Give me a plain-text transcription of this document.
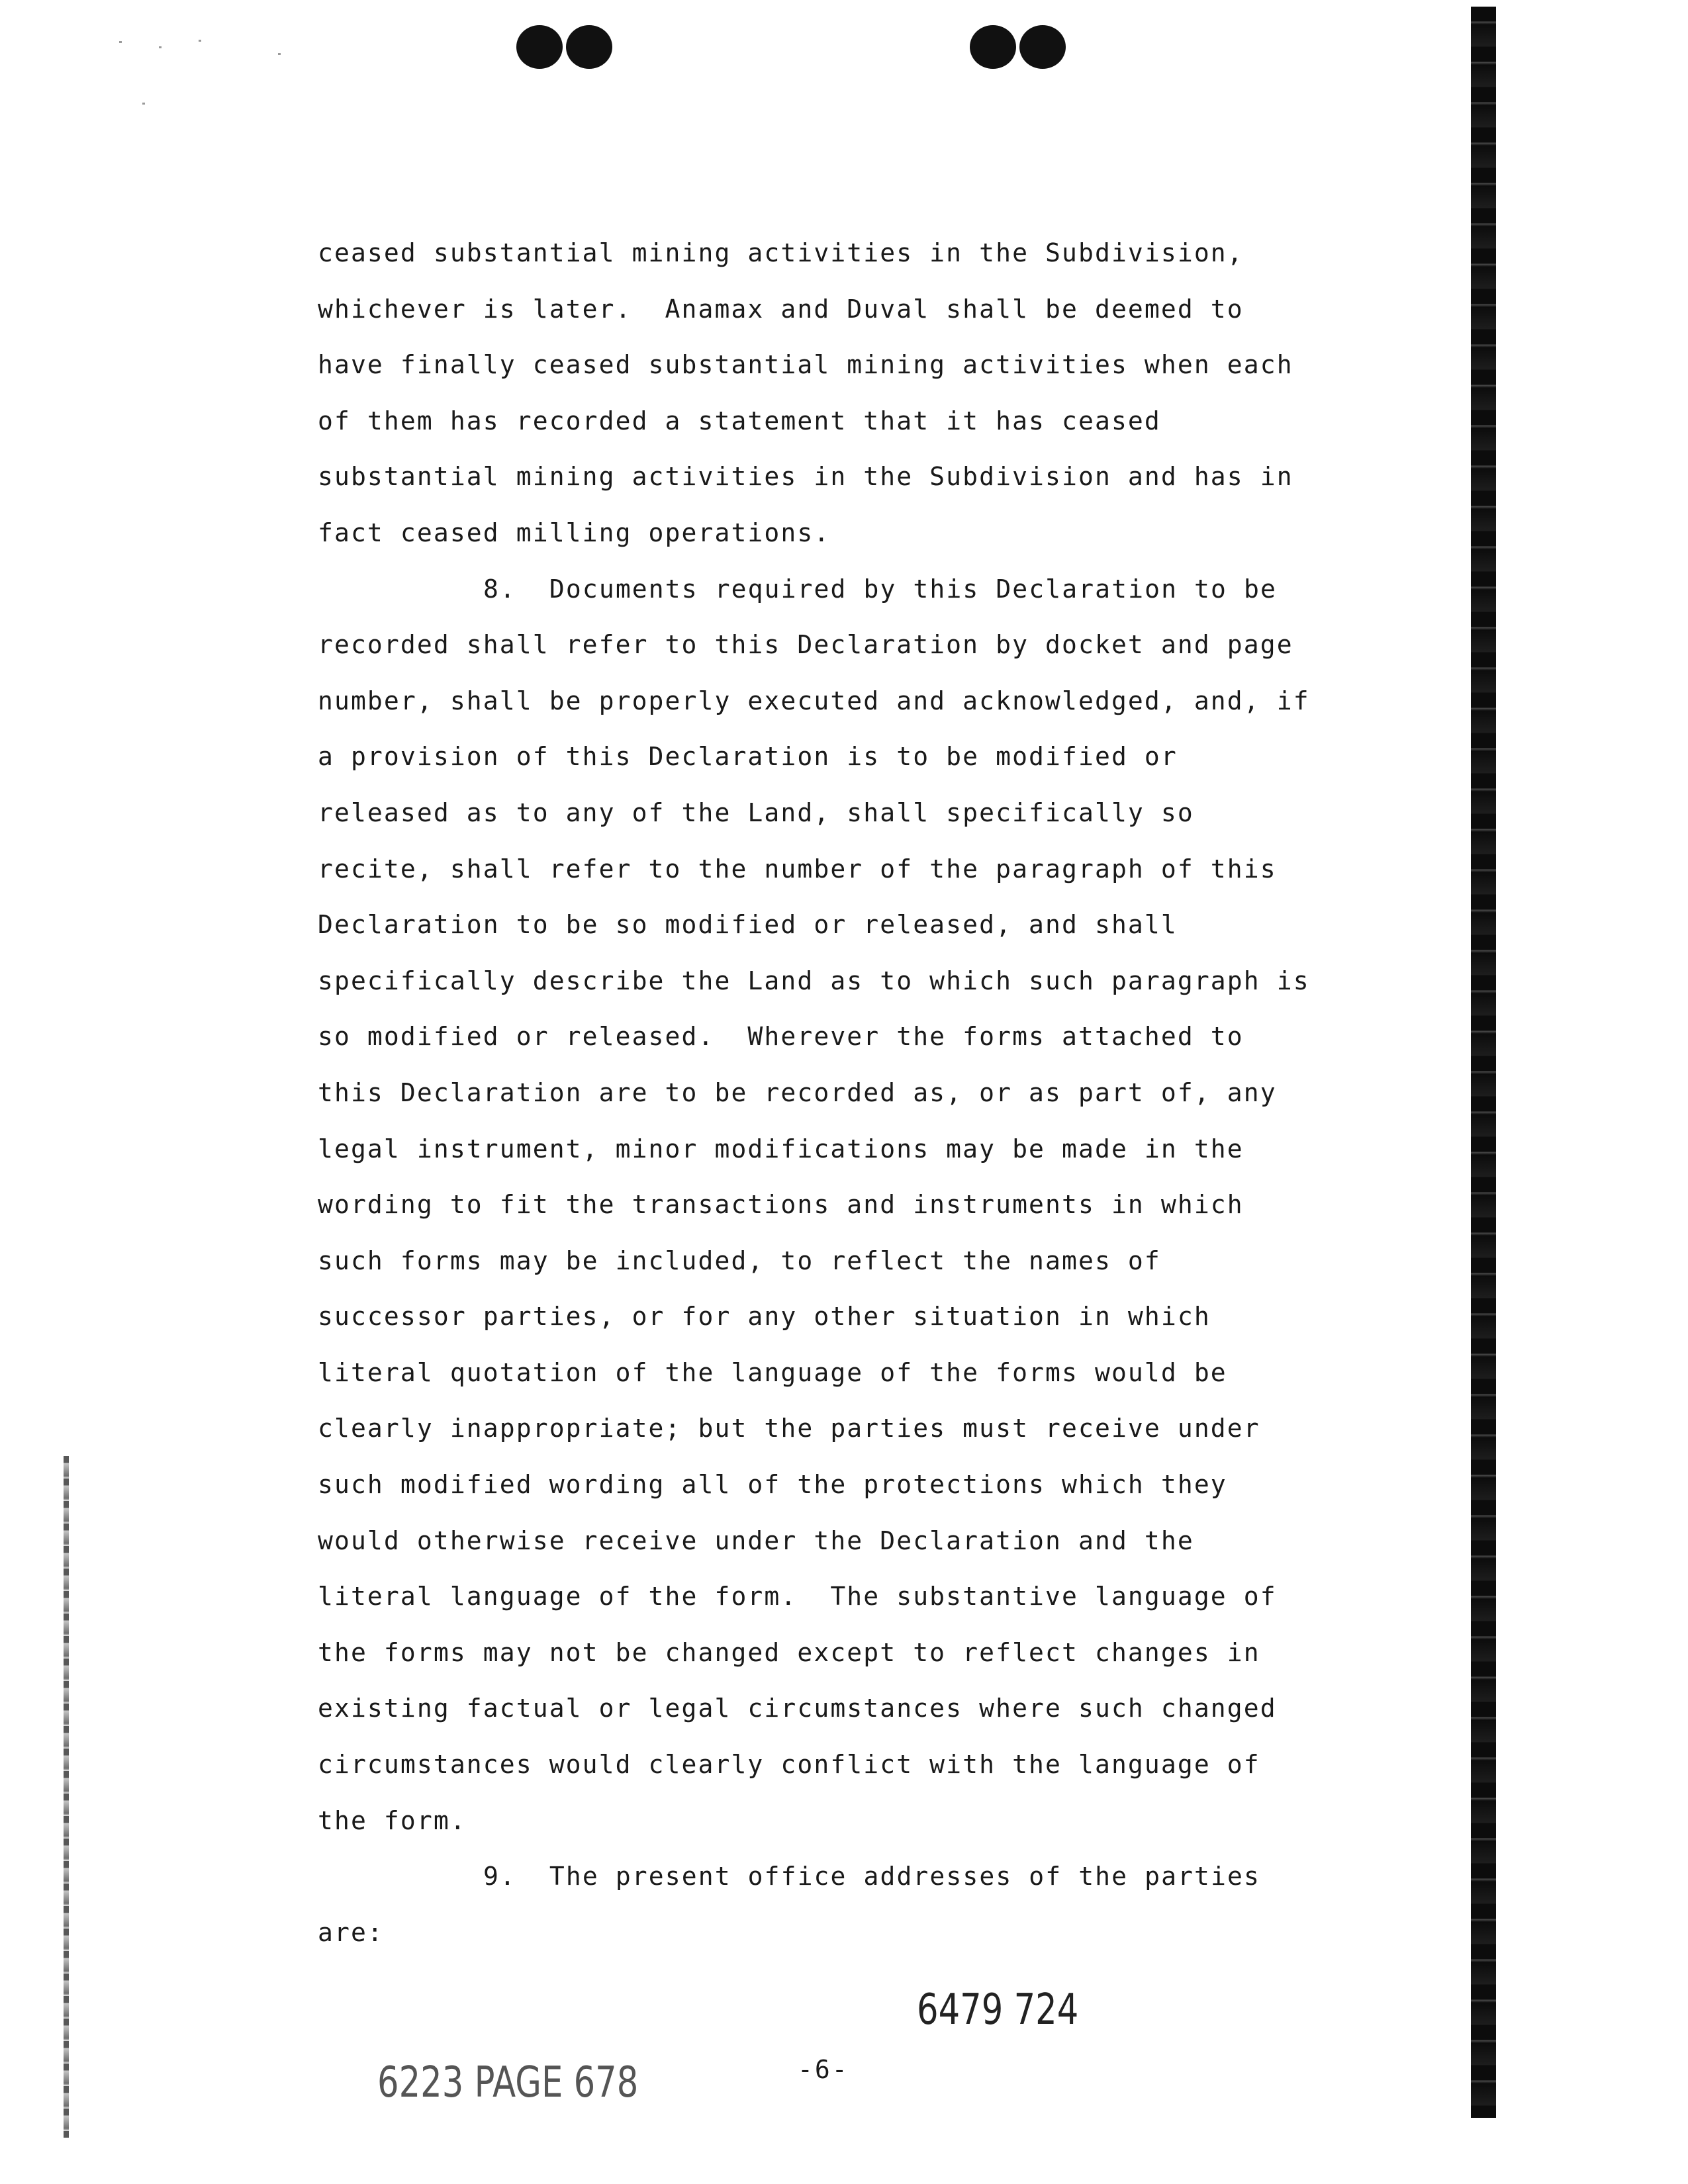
ceased substantial mining activities in the Subdivision,
whichever is later.  Anamax and Duval shall be deemed to
have finally ceased substantial mining activities when each
of them has recorded a statement that it has ceased
substantial mining activities in the Subdivision and has in
fact ceased milling operations.
8.  Documents required by this Declaration to be
recorded shall refer to this Declaration by docket and page
number, shall be properly executed and acknowledged, and, if
a provision of this Declaration is to be modified or
released as to any of the Land, shall specifically so
recite, shall refer to the number of the paragraph of this
Declaration to be so modified or released, and shall
specifically describe the Land as to which such paragraph is
so modified or released.  Wherever the forms attached to
this Declaration are to be recorded as, or as part of, any
legal instrument, minor modifications may be made in the
wording to fit the transactions and instruments in which
such forms may be included, to reflect the names of
successor parties, or for any other situation in which
literal quotation of the language of the forms would be
clearly inappropriate; but the parties must receive under
such modified wording all of the protections which they
would otherwise receive under the Declaration and the
literal language of the form.  The substantive language of
the forms may not be changed except to reflect changes in
existing factual or legal circumstances where such changed
circumstances would clearly conflict with the language of
the form.
9.  The present office addresses of the parties
are:
6479 724
6223 PAGE 678	-6-
